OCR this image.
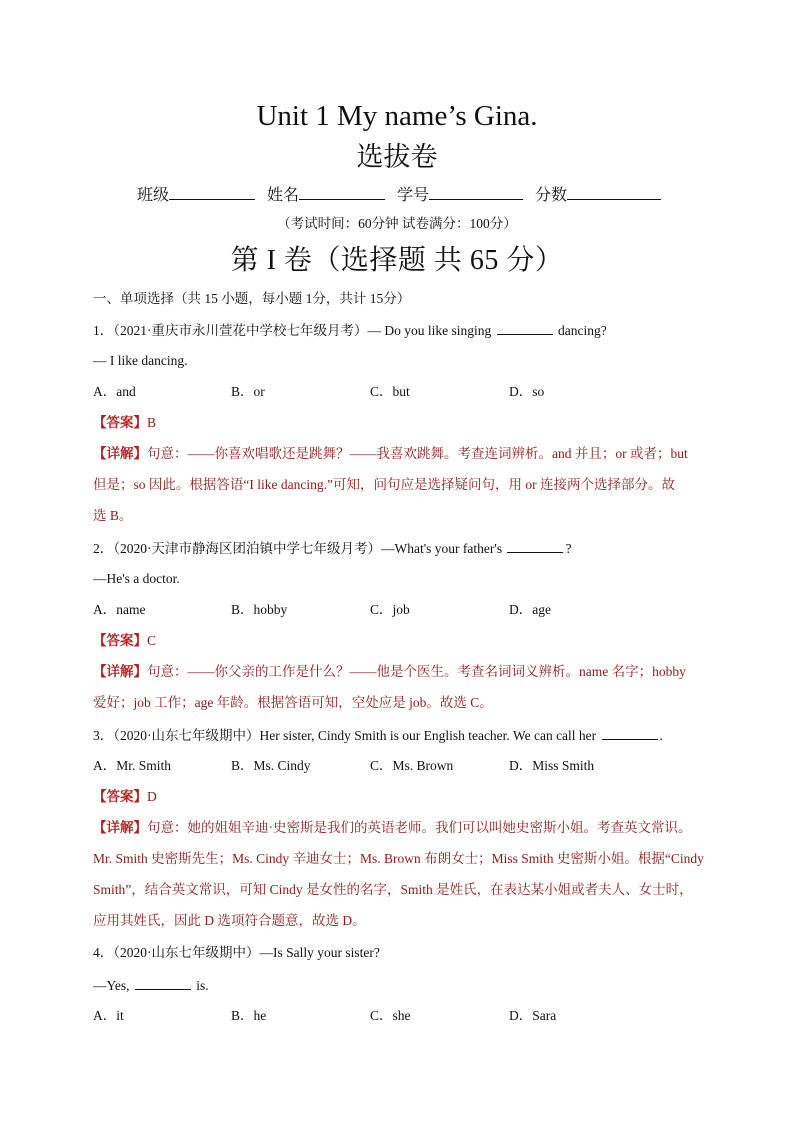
Unit 1 My name’s Gina.
选拔卷
班级	姓名	学号	分数
（考试时间：60分钟 试卷满分：100分）
第 I 卷（选择题 共 65 分）
一、单项选择（共 15 小题，每小题 1分，共计 15分）
1．（2021·重庆市永川萱花中学校七年级月考）— Do you like singing	dancing?
— I like dancing.
A．and	B．or	C．but	D．so
【答案】B
【详解】句意：——你喜欢唱歌还是跳舞？——我喜欢跳舞。考查连词辨析。and 并且；or 或者；but
但是；so 因此。根据答语“I like dancing.”可知，问句应是选择疑问句，用 or 连接两个选择部分。故
选 B。
2．（2020·天津市静海区团泊镇中学七年级月考）—What's your father's	?
—He's a doctor.
A．name	B．hobby	C．job	D．age
【答案】C
【详解】句意：——你父亲的工作是什么？——他是个医生。考查名词词义辨析。name 名字；hobby
爱好；job 工作；age 年龄。根据答语可知，空处应是 job。故选 C。
3．（2020·山东七年级期中）Her sister, Cindy Smith is our English teacher. We can call her	.
A．Mr. Smith	B．Ms. Cindy	C．Ms. Brown	D．Miss Smith
【答案】D
【详解】句意：她的姐姐辛迪·史密斯是我们的英语老师。我们可以叫她史密斯小姐。考查英文常识。
Mr. Smith 史密斯先生；Ms. Cindy 辛迪女士；Ms. Brown 布朗女士；Miss Smith 史密斯小姐。根据“Cindy
Smith”，结合英文常识，可知 Cindy 是女性的名字，Smith 是姓氏，在表达某小姐或者夫人、女士时，
应用其姓氏，因此 D 选项符合题意，故选 D。
4．（2020·山东七年级期中）—Is Sally your sister?
—Yes,	is.
A．it	B．he	C．she	D．Sara
